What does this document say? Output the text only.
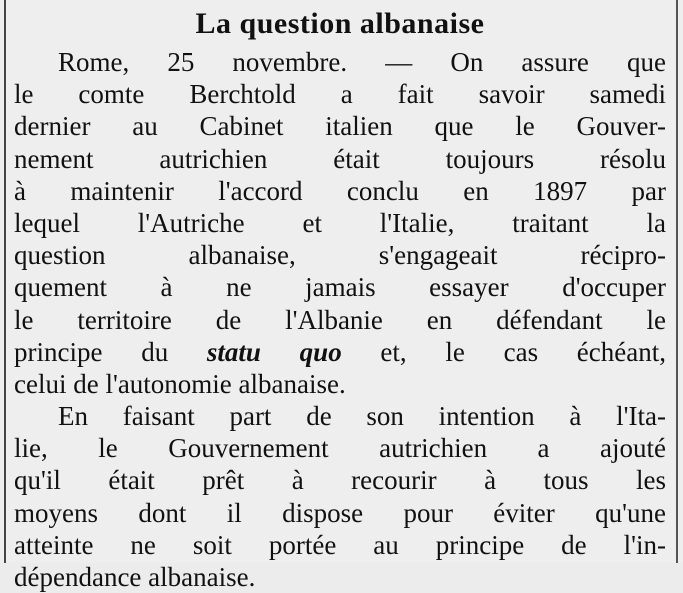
La question albanaise

Rome, 25 novembre. — On assure que
le comte Berchtold a fait savoir samedi
dernier au Cabinet italien que le Gouver-
nement autrichien était toujours résolu
à maintenir l'accord conclu en 1897 par
lequel l'Autriche et l'Italie, traitant la
question albanaise, s'engageait récipro-
quement à ne jamais essayer d'occuper
le territoire de l'Albanie en défendant le
principe du statu quo et, le cas échéant,
celui de l'autonomie albanaise.

En faisant part de son intention à l'Ita-
lie, le Gouvernement autrichien a ajouté
qu'il était prêt à recourir à tous les
moyens dont il dispose pour éviter qu'une
atteinte ne soit portée au principe de l'in-
dépendance albanaise.
